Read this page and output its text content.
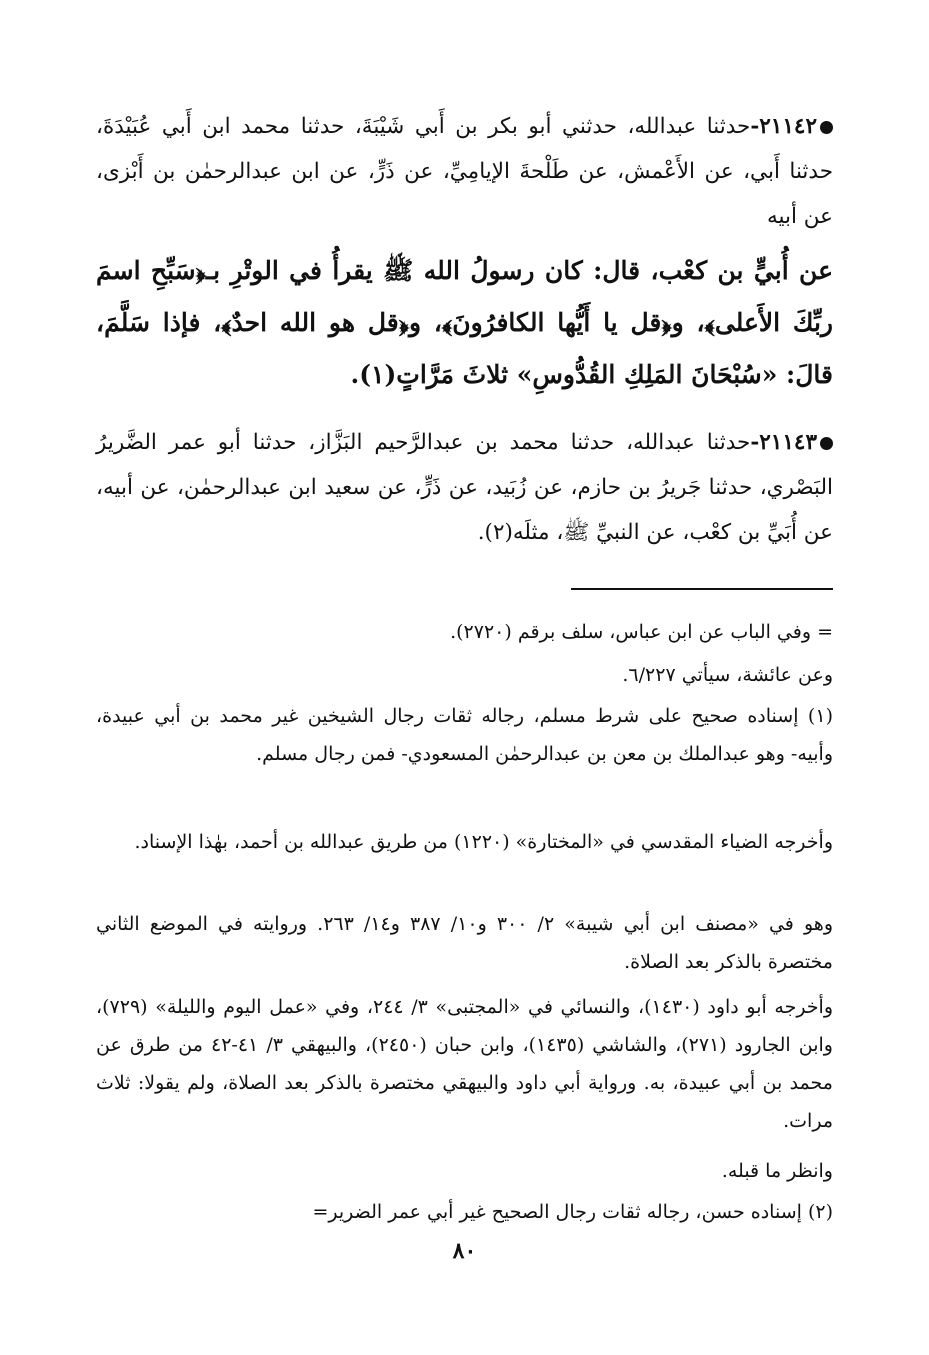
٢١١٤٢-حدثنا عبدالله، حدثني أبو بكر بن أَبي شَيْبَةَ، حدثنا محمد ابن أَبي عُبَيْدَةَ، حدثنا أَبي، عن الأَعْمش، عن طَلْحةَ الإيامِيِّ، عن ذَرٍّ، عن ابن عبدالرحمٰن بن أَبْزى، عن أبيه
عن أُبيٍّ بن كعْب، قال: كان رسولُ الله ﷺ يقرأُ في الوتْرِ بـ﴿سَبِّحِ اسمَ ربِّكَ الأَعلى﴾، و﴿قل يا أَيُّها الكافرُونَ﴾، و﴿قل هو الله احدٌ﴾، فإذا سَلَّمَ، قالَ: «سُبْحَانَ المَلِكِ القُدُّوسِ» ثلاثَ مَرَّاتٍ(١).
٢١١٤٣-حدثنا عبدالله، حدثنا محمد بن عبدالرَّحيم البَزَّاز، حدثنا أبو عمر الضَّريرُ البَصْري، حدثنا جَريرُ بن حازم، عن زُبَيد، عن ذَرٍّ، عن سعيد ابن عبدالرحمٰن، عن أبيه، عن أُبَيِّ بن كعْب، عن النبيِّ ﷺ، مثلَه(٢).
= وفي الباب عن ابن عباس، سلف برقم (٢٧٢٠).
وعن عائشة، سيأتي ٦/٢٢٧.
(١) إسناده صحيح على شرط مسلم، رجاله ثقات رجال الشيخين غير محمد بن أبي عبيدة، وأبيه- وهو عبدالملك بن معن بن عبدالرحمٰن المسعودي- فمن رجال مسلم.
وأخرجه الضياء المقدسي في «المختارة» (١٢٢٠) من طريق عبدالله بن أحمد، بهٰذا الإسناد.
وهو في «مصنف ابن أبي شيبة» ٢/ ٣٠٠ و١٠/ ٣٨٧ و١٤/ ٢٦٣. وروايته في الموضع الثاني مختصرة بالذكر بعد الصلاة.
وأخرجه أبو داود (١٤٣٠)، والنسائي في «المجتبى» ٣/ ٢٤٤، وفي «عمل اليوم والليلة» (٧٢٩)، وابن الجارود (٢٧١)، والشاشي (١٤٣٥)، وابن حبان (٢٤٥٠)، والبيهقي ٣/ ٤١-٤٢ من طرق عن محمد بن أبي عبيدة، به. ورواية أبي داود والبيهقي مختصرة بالذكر بعد الصلاة، ولم يقولا: ثلاث مرات.
وانظر ما قبله.
(٢) إسناده حسن، رجاله ثقات رجال الصحيح غير أبي عمر الضرير=
٨٠
